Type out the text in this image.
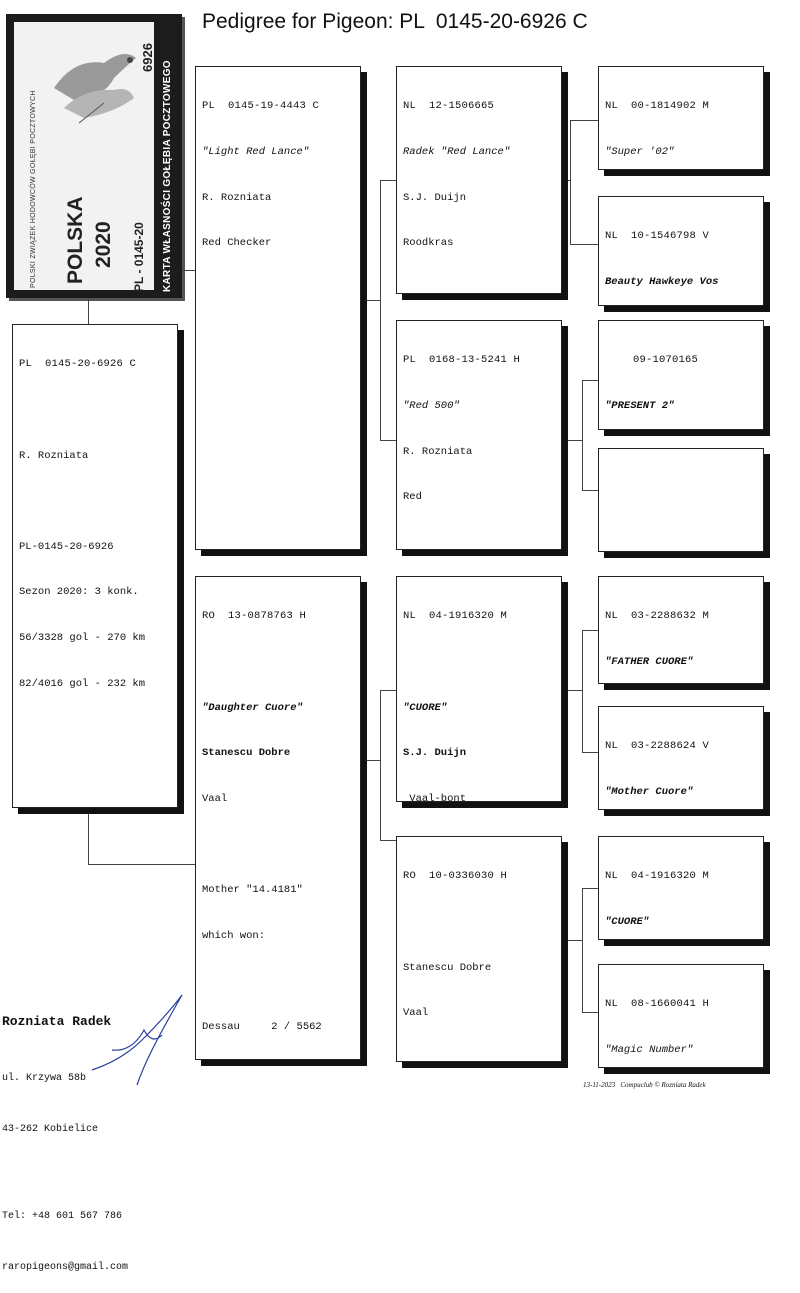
Pedigree for Pigeon: PL  0145-20-6926 C
POLSKI ZWIĄZEK HODOWCÓW GOŁĘBI POCZTOWYCH POLSKA 2020 PL - 0145-20
6926
KARTA WŁASNOŚCI GOŁĘBIA POCZTOWEGO

PL  0145-20-6926 C

R. Rozniata

PL-0145-20-6926

Sezon 2020: 3 konk.

56/3328 gol - 270 km

82/4016 gol - 232 km

PL  0145-19-4443 C

"Light Red Lance"

R. Rozniata

Red Checker

RO  13-0878763 H

"Daughter Cuore"

Stanescu Dobre

Vaal

Mother "14.4181"

which won:

Dessau     2 / 5562

NL  12-1506665

Radek "Red Lance"

S.J. Duijn

Roodkras

PL  0168-13-5241 H

"Red 500"

R. Rozniata

Red

NL  04-1916320 M

"CUORE"

S.J. Duijn

Vaal-bont

RO  10-0336030 H

Stanescu Dobre

Vaal

NL  00-1814902 M

"Super '02"

NL  10-1546798 V

Beauty Hawkeye Vos

09-1070165

"PRESENT 2"

NL  03-2288632 M

"FATHER CUORE"

NL  03-2288624 V

"Mother Cuore"

NL  04-1916320 M

"CUORE"

NL  08-1660041 H

"Magic Number"

Rozniata Radek

ul. Krzywa 58b

43-262 Kobielice

Tel: +48 601 567 786

raropigeons@gmail.com

13-11-2023   Compuclub © Rozniata Radek
